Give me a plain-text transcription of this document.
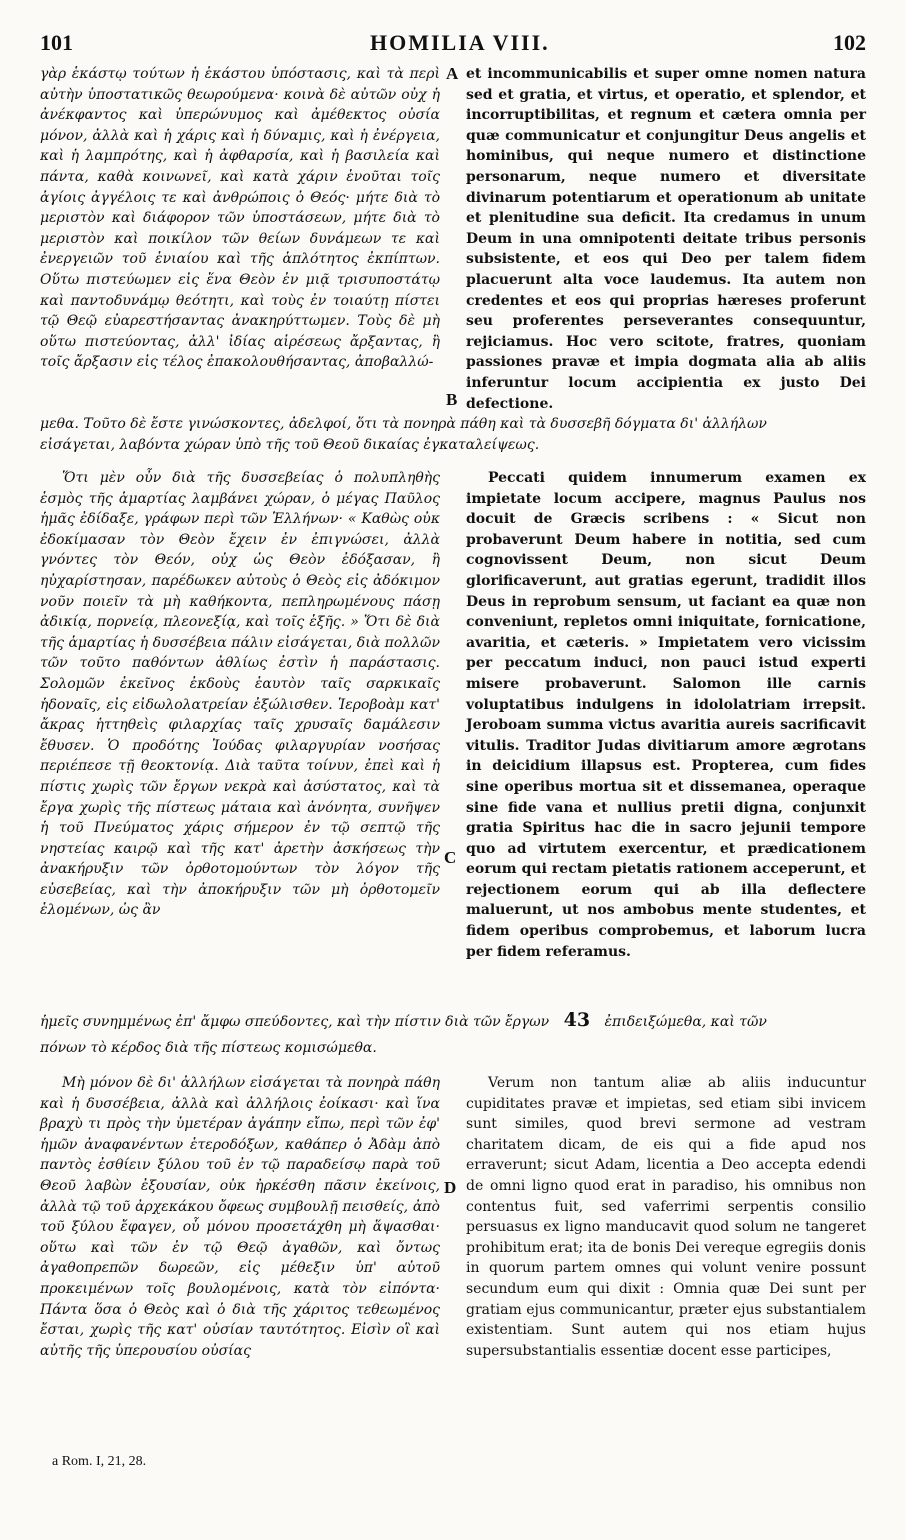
101	HOMILIA VIII.	102

γὰρ ἑκάστῳ τούτων ἡ ἑκάστου ὑπόστασις, καὶ τὰ περὶ αὐτὴν ὑποστατικῶς θεωρούμενα· κοινὰ δὲ αὐτῶν οὐχ ἡ ἀνέκφαντος καὶ ὑπερώνυμος καὶ ἀμέθεκτος οὐσία μόνον, ἀλλὰ καὶ ἡ χάρις καὶ ἡ δύναμις, καὶ ἡ ἐνέργεια, καὶ ἡ λαμπρότης, καὶ ἡ ἀφθαρσία, καὶ ἡ βασιλεία καὶ πάντα, καθὰ κοινωνεῖ, καὶ κατὰ χάριν ἑνοῦται τοῖς ἁγίοις ἀγγέλοις τε καὶ ἀνθρώποις ὁ Θεός· μήτε διὰ τὸ μεριστὸν καὶ διάφορον τῶν ὑποστάσεων, μήτε διὰ τὸ μεριστὸν καὶ ποικίλον τῶν θείων δυνάμεων τε καὶ ἐνεργειῶν τοῦ ἑνιαίου καὶ τῆς ἁπλότητος ἐκπίπτων. Οὕτω πιστεύωμεν εἰς ἕνα Θεὸν ἐν μιᾷ τρισυποστάτῳ καὶ παντοδυνάμῳ θεότητι, καὶ τοὺς ἐν τοιαύτῃ πίστει τῷ Θεῷ εὐαρεστήσαντας ἀνακηρύττωμεν. Τοὺς δὲ μὴ οὕτω πιστεύοντας, ἀλλ' ἰδίας αἱρέσεως ἄρξαντας, ἢ τοῖς ἄρξασιν εἰς τέλος ἐπακολουθήσαντας, ἀποβαλλώ-

A et incommunicabilis et super omne nomen natura sed et gratia, et virtus, et operatio, et splendor, et incorruptibilitas, et regnum et cætera omnia per quæ communicatur et conjungitur Deus angelis et hominibus, qui neque numero et distinctione personarum, neque numero et diversitate divinarum potentiarum et operationum ab unitate et plenitudine sua deficit. Ita credamus in unum Deum in una omnipotenti deitate tribus personis subsistente, et eos qui Deo per talem fidem placuerunt alta voce laudemus. Ita autem non credentes et eos qui proprias hæreses proferunt seu proferentes perseverantes consequuntur, rejiciamus. Hoc vero scitote, fratres, quoniam passiones pravæ et impia dogmata alia ab aliis inferuntur locum accipientia ex justo Dei defectione.

B
μεθα. Τοῦτο δὲ ἔστε γινώσκοντες, ἀδελφοί, ὅτι τὰ πονηρὰ πάθη καὶ τὰ δυσσεβῆ δόγματα δι' ἀλλήλων
εἰσάγεται, λαβόντα χώραν ὑπὸ τῆς τοῦ Θεοῦ δικαίας ἐγκαταλείψεως.

Ὅτι μὲν οὖν διὰ τῆς δυσσεβείας ὁ πολυπληθὴς ἑσμὸς τῆς ἁμαρτίας λαμβάνει χώραν, ὁ μέγας Παῦλος ἡμᾶς ἐδίδαξε, γράφων περὶ τῶν Ἑλλήνων· « Καθὼς οὐκ ἐδοκίμασαν τὸν Θεὸν ἔχειν ἐν ἐπιγνώσει, ἀλλὰ γνόντες τὸν Θεόν, οὐχ ὡς Θεὸν ἐδόξασαν, ἢ ηὐχαρίστησαν, παρέδωκεν αὐτοὺς ὁ Θεὸς εἰς ἀδόκιμον νοῦν ποιεῖν τὰ μὴ καθήκοντα, πεπληρωμένους πάσῃ ἀδικίᾳ, πορνείᾳ, πλεονεξίᾳ, καὶ τοῖς ἑξῆς. » Ὅτι δὲ διὰ τῆς ἁμαρτίας ἡ δυσσέβεια πάλιν εἰσάγεται, διὰ πολλῶν τῶν τοῦτο παθόντων ἀθλίως ἐστὶν ἡ παράστασις. Σολομῶν ἐκεῖνος ἐκδοὺς ἑαυτὸν ταῖς σαρκικαῖς ἡδοναῖς, εἰς εἰδωλολατρείαν ἐξώλισθεν. Ἱεροβοὰμ κατ' ἄκρας ἡττηθεὶς φιλαρχίας ταῖς χρυσαῖς δαμάλεσιν ἔθυσεν. Ὁ προδότης Ἰούδας φιλαργυρίαν νοσήσας περιέπεσε τῇ θεοκτονίᾳ. Διὰ ταῦτα τοίνυν, ἐπεὶ καὶ ἡ πίστις χωρὶς τῶν ἔργων νεκρὰ καὶ ἀσύστατος, καὶ τὰ ἔργα χωρὶς τῆς πίστεως μάταια καὶ ἀνόνητα, συνῆψεν ἡ τοῦ Πνεύματος χάρις σήμερον ἐν τῷ σεπτῷ τῆς νηστείας καιρῷ καὶ τῆς κατ' ἀρετὴν ἀσκήσεως τὴν ἀνακήρυξιν τῶν ὀρθοτομούντων τὸν λόγον τῆς εὐσεβείας, καὶ τὴν ἀποκήρυξιν τῶν μὴ ὀρθοτομεῖν ἑλομένων, ὡς ἂν

Peccati quidem innumerum examen ex impietate locum accipere, magnus Paulus nos docuit de Græcis scribens : « Sicut non probaverunt Deum habere in notitia, sed cum cognovissent Deum, non sicut Deum glorificaverunt, aut gratias egerunt, tradidit illos Deus in reprobum sensum, ut faciant ea quæ non conveniunt, repletos omni iniquitate, fornicatione, avaritia, et cæteris. » Impietatem vero vicissim per peccatum induci, non pauci istud experti misere probaverunt. Salomon ille carnis voluptatibus indulgens in idololatriam irrepsit. Jeroboam summa victus avaritia aureis sacrificavit vitulis. Traditor Judas divitiarum amore ægrotans in deicidium illapsus est. Propterea, cum fides sine operibus mortua sit et dissemanea, operaque sine fide vana et nullius pretii digna, conjunxit gratia Spiritus hac die in sacro jejunii tempore quo ad virtutem exercentur, et prædicationem eorum qui rectam pietatis rationem acceperunt, et rejectionem eorum qui ab illa deflectere maluerunt, ut nos ambobus mente studentes, et fidem operibus comprobemus, et laborum lucra per fidem referamus.

C
ἡμεῖς συνημμένως ἐπ' ἄμφω σπεύδοντες, καὶ τὴν πίστιν διὰ τῶν ἔργων 43 ἐπιδειξώμεθα, καὶ τῶν
πόνων τὸ κέρδος διὰ τῆς πίστεως κομισώμεθα.

Μὴ μόνον δὲ δι' ἀλλήλων εἰσάγεται τὰ πονηρὰ πάθη καὶ ἡ δυσσέβεια, ἀλλὰ καὶ ἀλλήλοις ἐοίκασι· καὶ ἵνα βραχὺ τι πρὸς τὴν ὑμετέραν ἀγάπην εἴπω, περὶ τῶν ἐφ' ἡμῶν ἀναφανέντων ἑτεροδόξων, καθάπερ ὁ Ἀδὰμ ἀπὸ παντὸς ἐσθίειν ξύλου τοῦ ἐν τῷ παραδείσῳ παρὰ τοῦ Θεοῦ λαβὼν ἐξουσίαν, οὐκ ἠρκέσθη πᾶσιν ἐκείνοις, ἀλλὰ τῷ τοῦ ἀρχεκάκου ὄφεως συμβουλῇ πεισθείς, ἀπὸ τοῦ ξύλου ἔφαγεν, οὗ μόνου προσετάχθη μὴ ἅψασθαι· οὕτω καὶ τῶν ἐν τῷ Θεῷ ἀγαθῶν, καὶ ὄντως ἀγαθοπρεπῶν δωρεῶν, εἰς μέθεξιν ὑπ' αὐτοῦ προκειμένων τοῖς βουλομένοις, κατὰ τὸν εἰπόντα· Πάντα ὅσα ὁ Θεὸς καὶ ὁ διὰ τῆς χάριτος τεθεωμένος ἔσται, χωρὶς τῆς κατ' οὐσίαν ταυτότητος. Εἰσὶν οἳ καὶ αὐτῆς τῆς ὑπερουσίου οὐσίας

D

Verum non tantum aliæ ab aliis inducuntur cupiditates pravæ et impietas, sed etiam sibi invicem sunt similes, quod brevi sermone ad vestram charitatem dicam, de eis qui a fide apud nos erraverunt; sicut Adam, licentia a Deo accepta edendi de omni ligno quod erat in paradiso, his omnibus non contentus fuit, sed vaferrimi serpentis consilio persuasus ex ligno manducavit quod solum ne tangeret prohibitum erat; ita de bonis Dei vereque egregiis donis in quorum partem omnes qui volunt venire possunt secundum eum qui dixit : Omnia quæ Dei sunt per gratiam ejus communicantur, præter ejus substantialem existentiam. Sunt autem qui nos etiam hujus supersubstantialis essentiæ docent esse participes,

a Rom. I, 21, 28.
